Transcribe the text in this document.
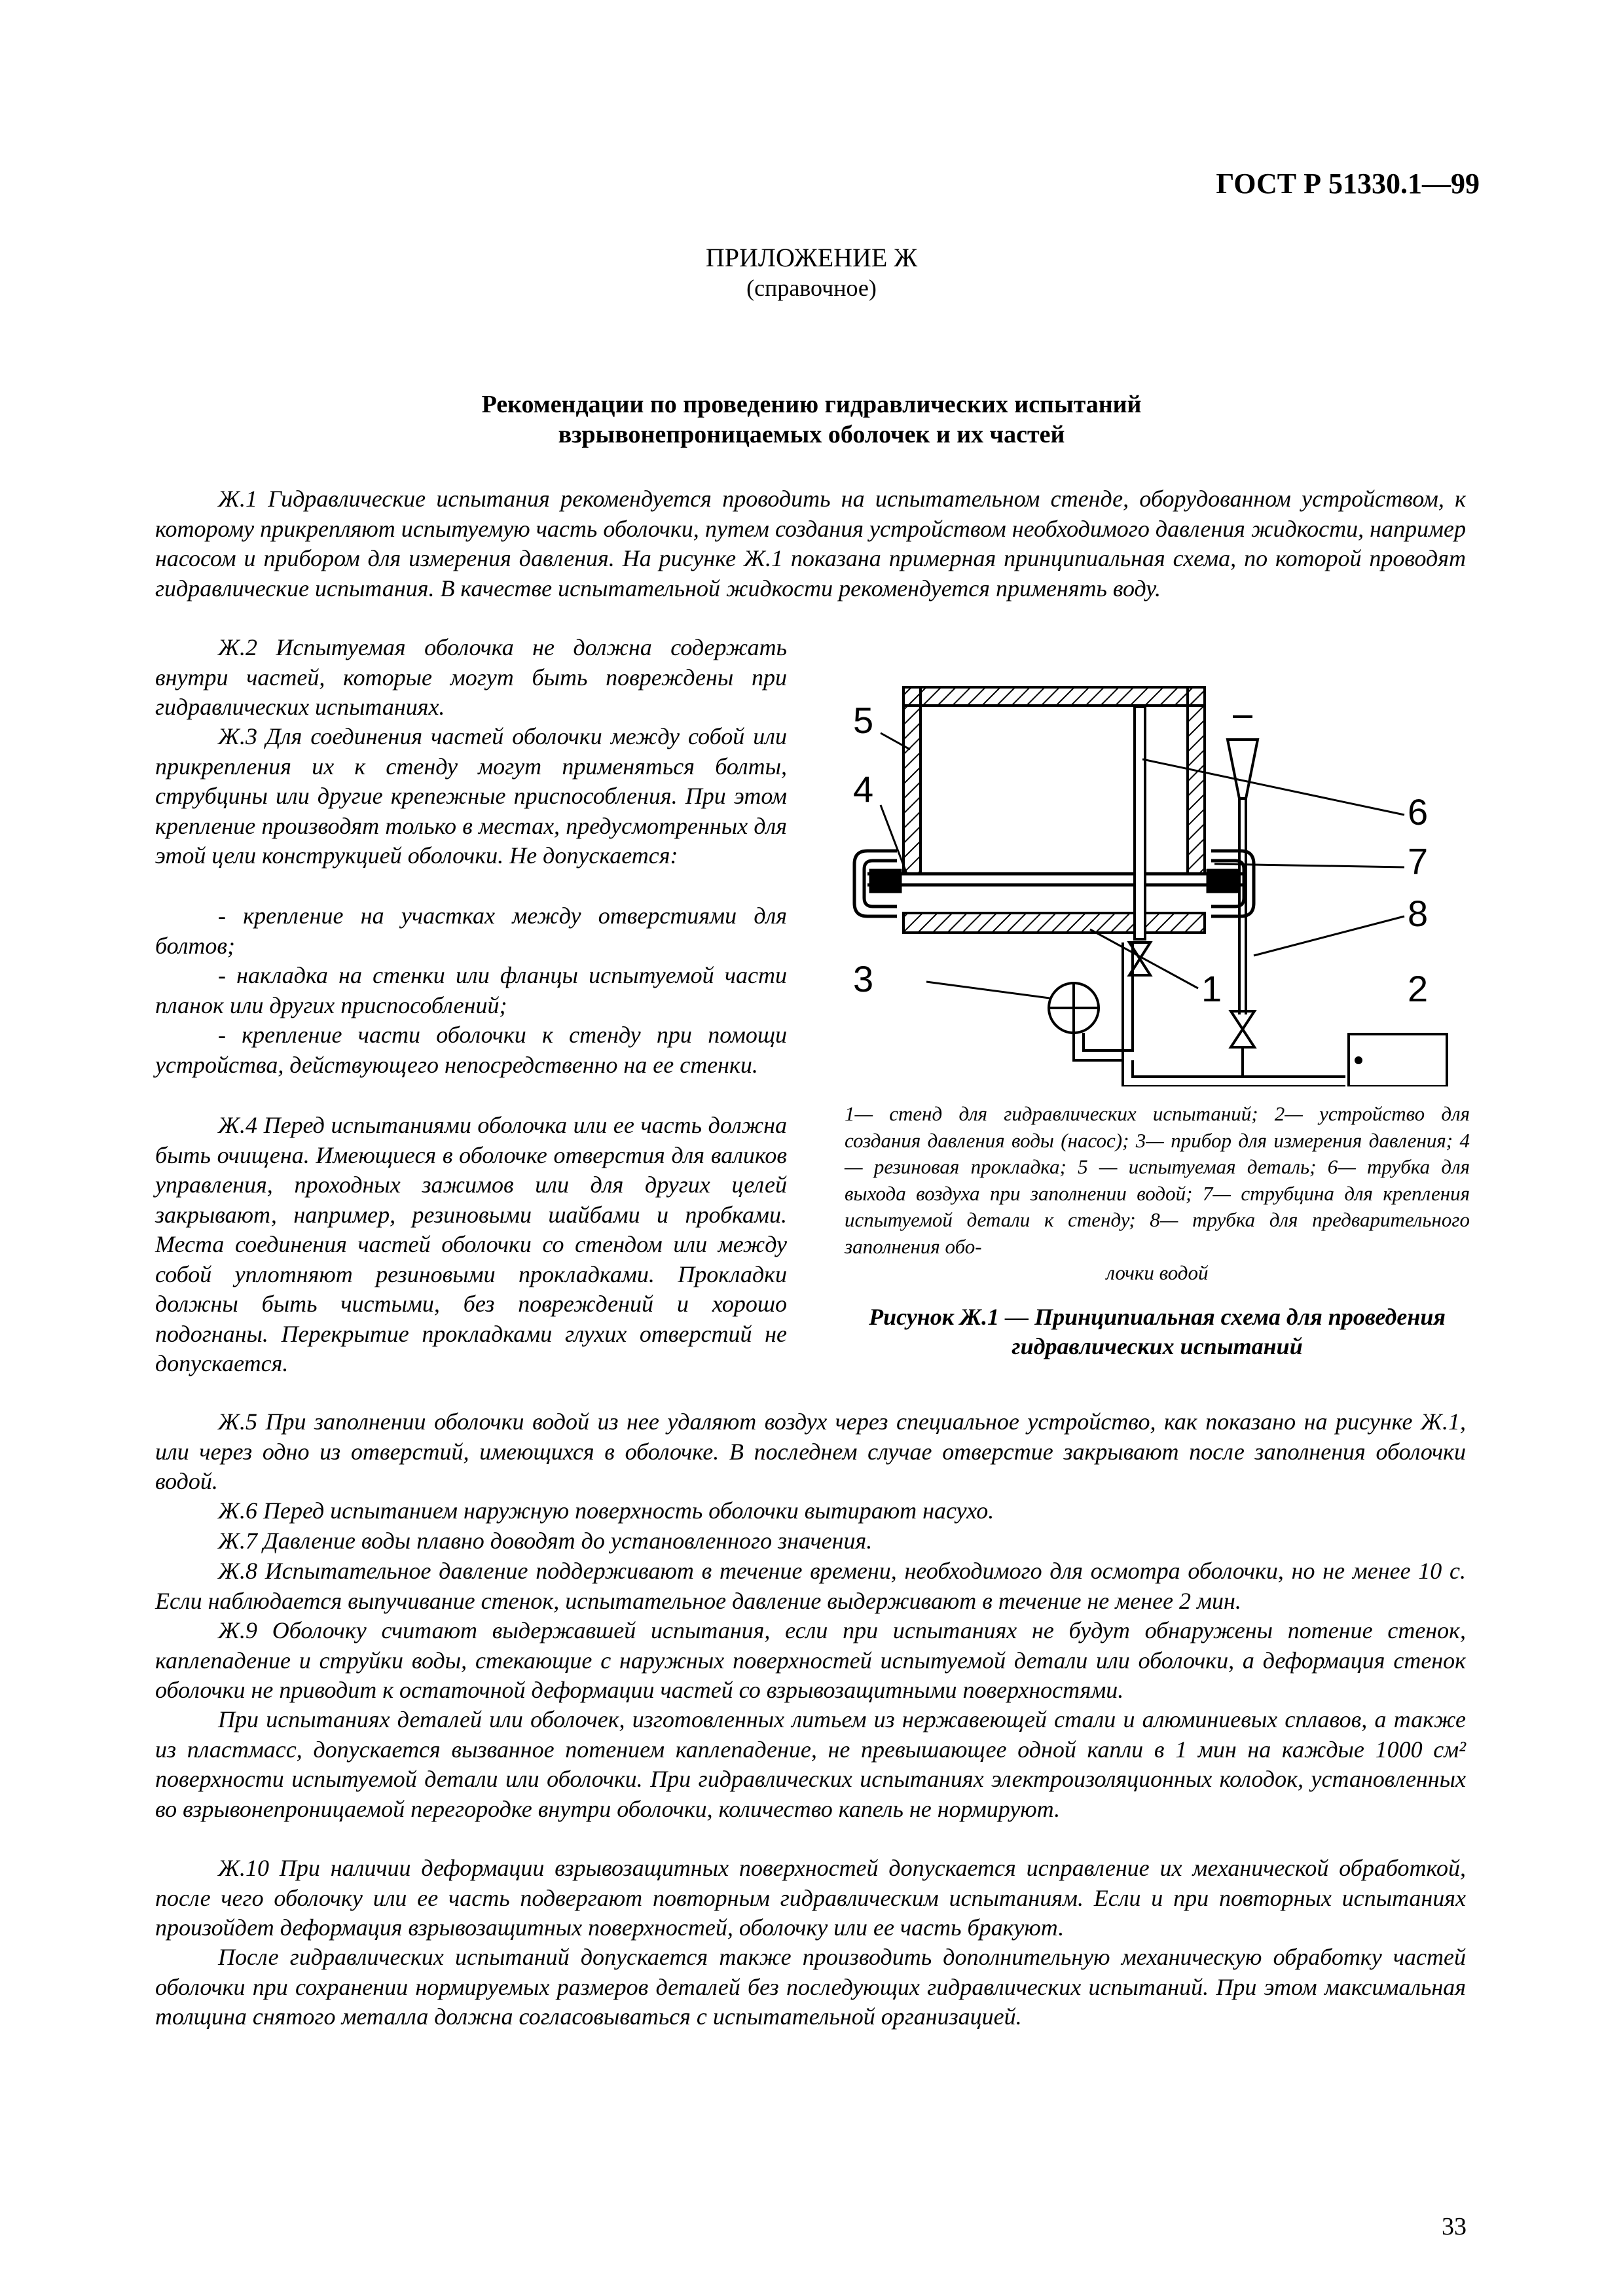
ГОСТ Р 51330.1—99
ПРИЛОЖЕНИЕ Ж
(справочное)
Рекомендации по проведению гидравлических испытаний
взрывонепроницаемых оболочек и их частей

Ж.1 Гидравлические испытания рекомендуется проводить на испытательном стенде, оборудованном устройством, к которому прикрепляют испытуемую часть оболочки, путем создания устройством необходимого давления жидкости, например насосом и прибором для измерения давления. На рисунке Ж.1 показана примерная принципиальная схема, по которой проводят гидравлические испытания. В качестве испытательной жидкости рекомендуется применять воду.

Ж.2 Испытуемая оболочка не должна содержать внутри частей, которые могут быть повреждены при гидравлических испытаниях.

Ж.3 Для соединения частей оболочки между собой или прикрепления их к стенду могут применяться болты, струбцины или другие крепежные приспособления. При этом крепление производят только в местах, предусмотренных для этой цели конструкцией оболочки. Не допускается:

- крепление на участках между отверстиями для болтов;

- накладка на стенки или фланцы испытуемой части планок или других приспособлений;

- крепление части оболочки к стенду при помощи устройства, действующего непосредственно на ее стенки.

Ж.4 Перед испытаниями оболочка или ее часть должна быть очищена. Имеющиеся в оболочке отверстия для валиков управления, проходных зажимов или для других целей закрывают, например, резиновыми шайбами и пробками. Места соединения частей оболочки со стендом или между собой уплотняют резиновыми прокладками. Прокладки должны быть чистыми, без повреждений и хорошо подогнаны. Перекрытие прокладками глухих отверстий не допускается.

5
4
6
7
8
3	1	2
1— стенд для гидравлических испытаний; 2— устройство для создания давления воды (насос); 3— прибор для измерения давления; 4 — резиновая прокладка; 5 — испытуемая деталь; 6— трубка для выхода воздуха при заполнении водой; 7— струбцина для крепления испытуемой детали к стенду; 8— трубка для предварительного заполнения обо-
лочки водой
Рисунок Ж.1 — Принципиальная схема для проведения гидравлических испытаний

Ж.5 При заполнении оболочки водой из нее удаляют воздух через специальное устройство, как показано на рисунке Ж.1, или через одно из отверстий, имеющихся в оболочке. В последнем случае отверстие закрывают после заполнения оболочки водой.

Ж.6 Перед испытанием наружную поверхность оболочки вытирают насухо.

Ж.7 Давление воды плавно доводят до установленного значения.

Ж.8 Испытательное давление поддерживают в течение времени, необходимого для осмотра оболочки, но не менее 10 с. Если наблюдается выпучивание стенок, испытательное давление выдерживают в течение не менее 2 мин.

Ж.9 Оболочку считают выдержавшей испытания, если при испытаниях не будут обнаружены потение стенок, каплепадение и струйки воды, стекающие с наружных поверхностей испытуемой детали или оболочки, а деформация стенок оболочки не приводит к остаточной деформации частей со взрывозащитными поверхностями.

При испытаниях деталей или оболочек, изготовленных литьем из нержавеющей стали и алюминиевых сплавов, а также из пластмасс, допускается вызванное потением каплепадение, не превышающее одной капли в 1 мин на каждые 1000 см² поверхности испытуемой детали или оболочки. При гидравлических испытаниях электроизоляционных колодок, установленных во взрывонепроницаемой перегородке внутри оболочки, количество капель не нормируют.

Ж.10 При наличии деформации взрывозащитных поверхностей допускается исправление их механической обработкой, после чего оболочку или ее часть подвергают повторным гидравлическим испытаниям. Если и при повторных испытаниях произойдет деформация взрывозащитных поверхностей, оболочку или ее часть бракуют.

После гидравлических испытаний допускается также производить дополнительную механическую обработку частей оболочки при сохранении нормируемых размеров деталей без последующих гидравлических испытаний. При этом максимальная толщина снятого металла должна согласовываться с испытательной организацией.

33
